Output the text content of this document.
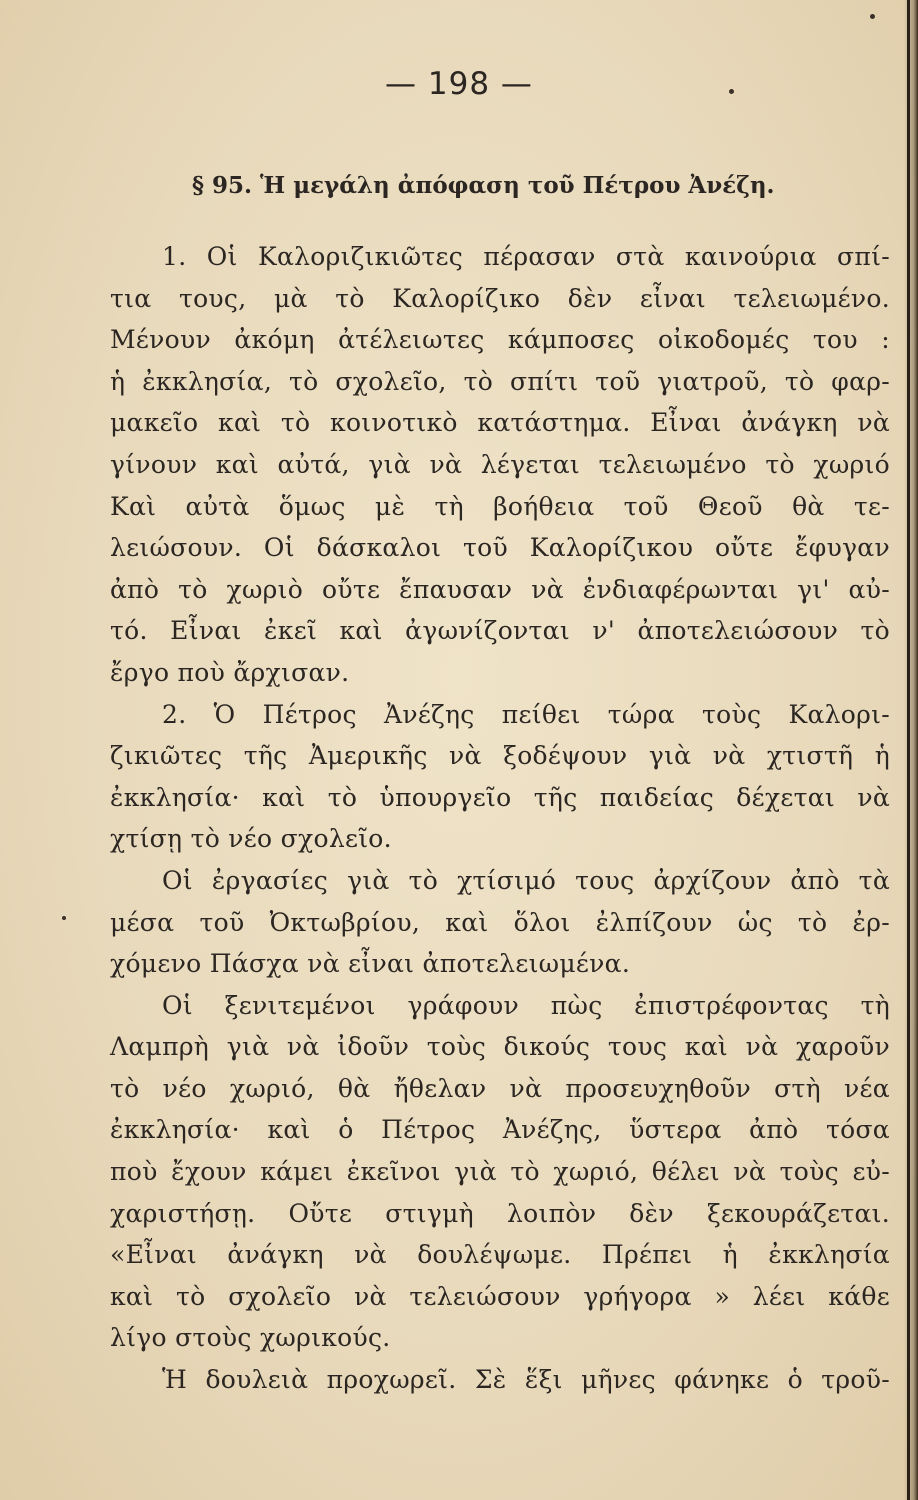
— 198 —
§ 95. Ἡ μεγάλη ἀπόφαση τοῦ Πέτρου Ἀνέζη.
1. Οἱ Καλοριζικιῶτες πέρασαν στὰ καινούρια σπί-
τια τους, μὰ τὸ Καλορίζικο δὲν εἶναι τελειωμένο.
Μένουν ἀκόμη ἀτέλειωτες κάμποσες οἰκοδομές του :
ἡ ἐκκλησία, τὸ σχολεῖο, τὸ σπίτι τοῦ γιατροῦ, τὸ φαρ-
μακεῖο καὶ τὸ κοινοτικὸ κατάστημα. Εἶναι ἀνάγκη νὰ
γίνουν καὶ αὐτά, γιὰ νὰ λέγεται τελειωμένο τὸ χωριό
Καὶ αὐτὰ ὅμως μὲ τὴ βοήθεια τοῦ Θεοῦ θὰ τε-
λειώσουν. Οἱ δάσκαλοι τοῦ Καλορίζικου οὔτε ἔφυγαν
ἀπὸ τὸ χωριὸ οὔτε ἔπαυσαν νὰ ἐνδιαφέρωνται γι' αὐ-
τό. Εἶναι ἐκεῖ καὶ ἀγωνίζονται ν' ἀποτελειώσουν τὸ
ἔργο ποὺ ἄρχισαν.
2. Ὁ Πέτρος Ἀνέζης πείθει τώρα τοὺς Καλορι-
ζικιῶτες τῆς Ἀμερικῆς νὰ ξοδέψουν γιὰ νὰ χτιστῆ ἡ
ἐκκλησία· καὶ τὸ ὑπουργεῖο τῆς παιδείας δέχεται νὰ
χτίσῃ τὸ νέο σχολεῖο.
Οἱ ἐργασίες γιὰ τὸ χτίσιμό τους ἀρχίζουν ἀπὸ τὰ
μέσα τοῦ Ὀκτωβρίου, καὶ ὅλοι ἐλπίζουν ὡς τὸ ἐρ-
χόμενο Πάσχα νὰ εἶναι ἀποτελειωμένα.
Οἱ ξενιτεμένοι γράφουν πὼς ἐπιστρέφοντας τὴ
Λαμπρὴ γιὰ νὰ ἰδοῦν τοὺς δικούς τους καὶ νὰ χαροῦν
τὸ νέο χωριό, θὰ ἤθελαν νὰ προσευχηθοῦν στὴ νέα
ἐκκλησία· καὶ ὁ Πέτρος Ἀνέζης, ὕστερα ἀπὸ τόσα
ποὺ ἔχουν κάμει ἐκεῖνοι γιὰ τὸ χωριό, θέλει νὰ τοὺς εὐ-
χαριστήσῃ. Οὔτε στιγμὴ λοιπὸν δὲν ξεκουράζεται.
«Εἶναι ἀνάγκη νὰ δουλέψωμε. Πρέπει ἡ ἐκκλησία
καὶ τὸ σχολεῖο νὰ τελειώσουν γρήγορα » λέει κάθε
λίγο στοὺς χωρικούς.
Ἡ δουλειὰ προχωρεῖ. Σὲ ἕξι μῆνες φάνηκε ὁ τροῦ-
